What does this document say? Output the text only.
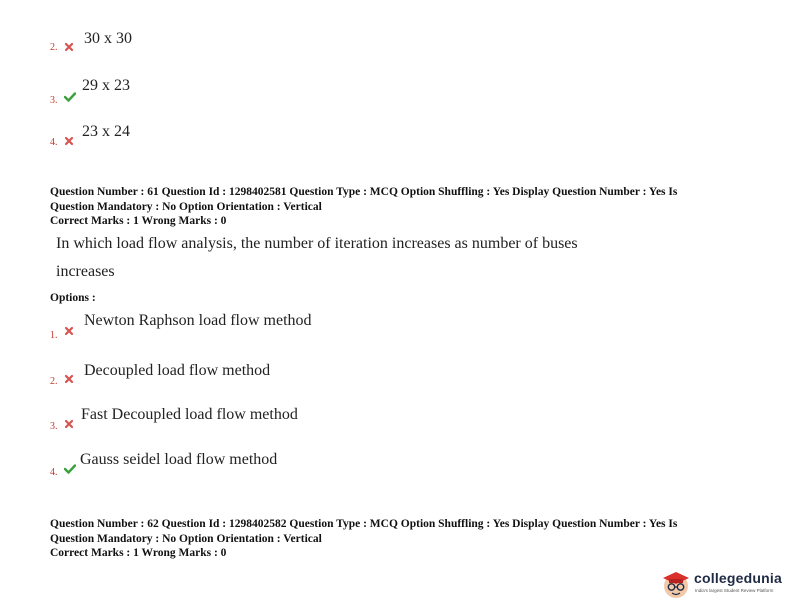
2.
30 x 30
3.
29 x 23
4.
23 x 24
Question Number : 61 Question Id : 1298402581 Question Type : MCQ Option Shuffling : Yes Display Question Number : Yes Is
Question Mandatory : No Option Orientation : Vertical
Correct Marks : 1 Wrong Marks : 0
In which load flow analysis, the number of iteration increases as number of buses
increases
Options :
1.
Newton Raphson load flow method
2.
Decoupled load flow method
3.
Fast Decoupled load flow method
4.
Gauss seidel load flow method
Question Number : 62 Question Id : 1298402582 Question Type : MCQ Option Shuffling : Yes Display Question Number : Yes Is
Question Mandatory : No Option Orientation : Vertical
Correct Marks : 1 Wrong Marks : 0
collegedunia
India's largest Student Review Platform
